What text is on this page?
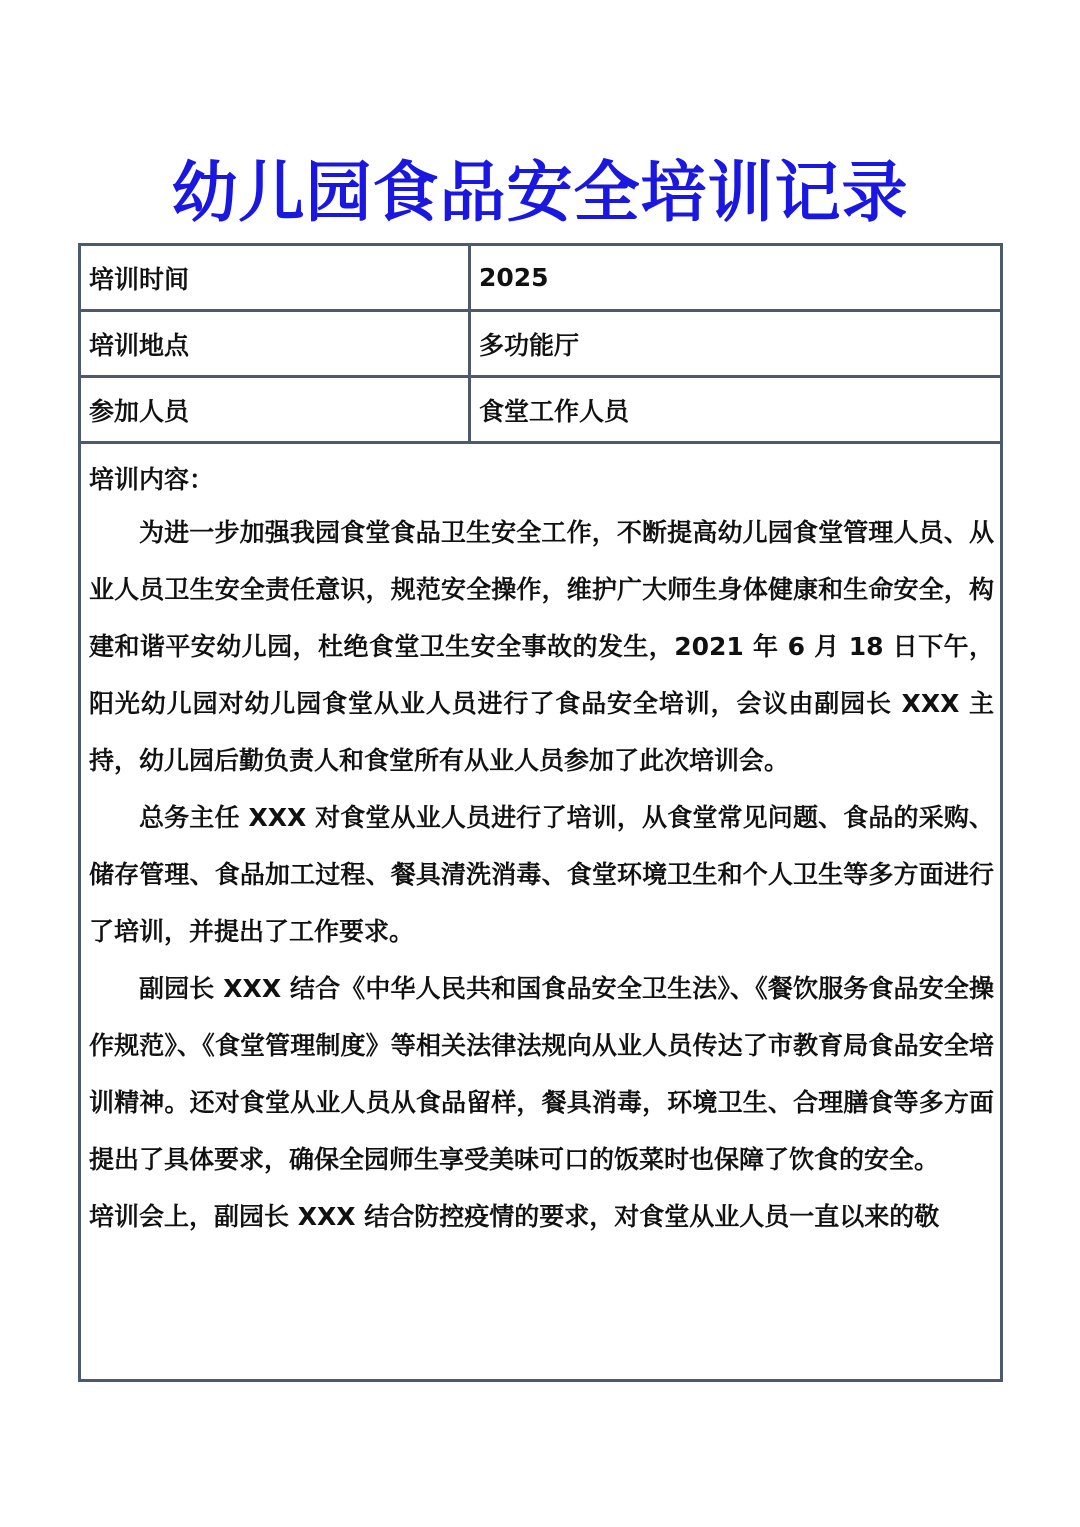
幼儿园食品安全培训记录
培训时间	2025
培训地点	多功能厅
参加人员	食堂工作人员
培训内容：

为进一步加强我园食堂食品卫生安全工作，不断提高幼儿园食堂管理人员、从业人员卫生安全责任意识，规范安全操作，维护广大师生身体健康和生命安全，构建和谐平安幼儿园，杜绝食堂卫生安全事故的发生，2021 年 6 月 18 日下午，阳光幼儿园对幼儿园食堂从业人员进行了食品安全培训，会议由副园长 XXX 主持，幼儿园后勤负责人和食堂所有从业人员参加了此次培训会。

总务主任 XXX 对食堂从业人员进行了培训，从食堂常见问题、食品的采购、储存管理、食品加工过程、餐具清洗消毒、食堂环境卫生和个人卫生等多方面进行了培训，并提出了工作要求。

副园长 XXX 结合《中华人民共和国食品安全卫生法》、《餐饮服务食品安全操作规范》、《食堂管理制度》等相关法律法规向从业人员传达了市教育局食品安全培训精神。还对食堂从业人员从食品留样，餐具消毒，环境卫生、合理膳食等多方面提出了具体要求，确保全园师生享受美味可口的饭菜时也保障了饮食的安全。

培训会上，副园长 XXX 结合防控疫情的要求，对食堂从业人员一直以来的敬
